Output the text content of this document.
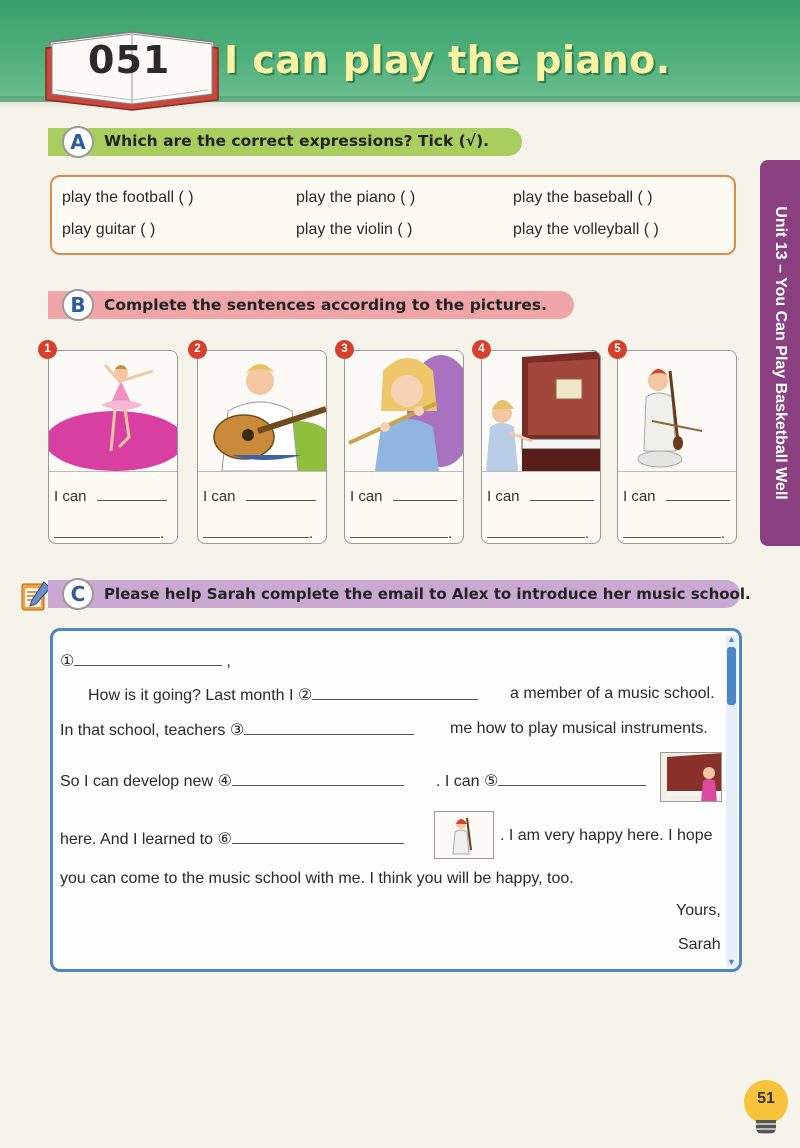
051	I can play the piano.
Unit 13 – You Can Play Basketball Well
A	Which are the correct expressions? Tick (√).
play the football ( )	play the piano ( )	play the baseball ( )
play guitar ( )	play the violin ( )	play the volleyball ( )
B	Complete the sentences according to the pictures.
I can
.
1
I can
.
2
I can
.
3
I can
.
4
I can
.
5
C	Please help Sarah complete the email to Alex to introduce her music school.
▲
▼
①	,
How is it going? Last month I ②	a member of a music school.
In that school, teachers ③	me how to play musical instruments.
So I can develop new ④	. I can ⑤
here. And I learned to ⑥	. I am very happy here. I hope
you can come to the music school with me. I think you will be happy, too.
Yours,
Sarah
51
